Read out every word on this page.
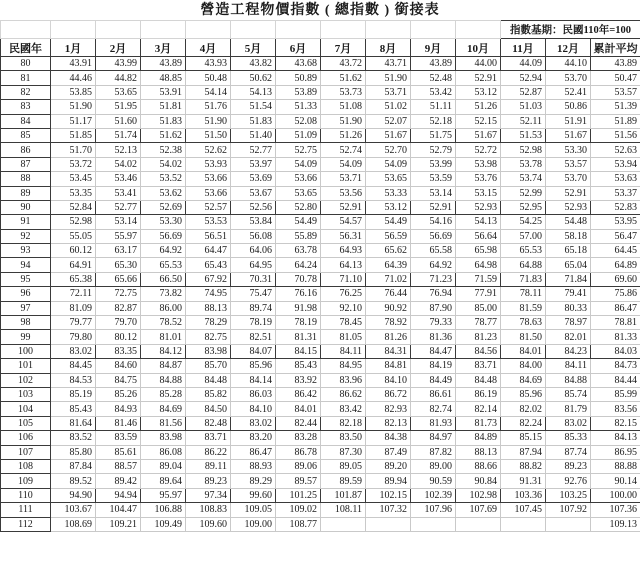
營造工程物價指數 ( 總指數 ) 銜接表
											指數基期：民國110年=100		
民國年	1月	2月	3月	4月	5月	6月	7月	8月	9月	10月	11月	12月	累計平均
80	43.91	43.99	43.89	43.93	43.82	43.68	43.72	43.71	43.89	44.00	44.09	44.10	43.89
81	44.46	44.82	48.85	50.48	50.62	50.89	51.62	51.90	52.48	52.91	52.94	53.70	50.47
82	53.85	53.65	53.91	54.14	54.13	53.89	53.73	53.71	53.42	53.12	52.87	52.41	53.57
83	51.90	51.95	51.81	51.76	51.54	51.33	51.08	51.02	51.11	51.26	51.03	50.86	51.39
84	51.17	51.60	51.83	51.90	51.83	52.08	51.90	52.07	52.18	52.15	52.11	51.91	51.89
85	51.85	51.74	51.62	51.50	51.40	51.09	51.26	51.67	51.75	51.67	51.53	51.67	51.56
86	51.70	52.13	52.38	52.62	52.77	52.75	52.74	52.70	52.79	52.72	52.98	53.30	52.63
87	53.72	54.02	54.02	53.93	53.97	54.09	54.09	54.09	53.99	53.98	53.78	53.57	53.94
88	53.45	53.46	53.52	53.66	53.69	53.66	53.71	53.65	53.59	53.76	53.74	53.70	53.63
89	53.35	53.41	53.62	53.66	53.67	53.65	53.56	53.33	53.14	53.15	52.99	52.91	53.37
90	52.84	52.77	52.69	52.57	52.56	52.80	52.91	53.12	52.91	52.93	52.95	52.93	52.83
91	52.98	53.14	53.30	53.53	53.84	54.49	54.57	54.49	54.16	54.13	54.25	54.48	53.95
92	55.05	55.97	56.69	56.51	56.08	55.89	56.31	56.59	56.69	56.64	57.00	58.18	56.47
93	60.12	63.17	64.92	64.47	64.06	63.78	64.93	65.62	65.58	65.98	65.53	65.18	64.45
94	64.91	65.30	65.53	65.43	64.95	64.24	64.13	64.39	64.92	64.98	64.88	65.04	64.89
95	65.38	65.66	66.50	67.92	70.31	70.78	71.10	71.02	71.23	71.59	71.83	71.84	69.60
96	72.11	72.75	73.82	74.95	75.47	76.16	76.25	76.44	76.94	77.91	78.11	79.41	75.86
97	81.09	82.87	86.00	88.13	89.74	91.98	92.10	90.92	87.90	85.00	81.59	80.33	86.47
98	79.77	79.70	78.52	78.29	78.19	78.19	78.45	78.92	79.33	78.77	78.63	78.97	78.81
99	79.80	80.12	81.01	82.75	82.51	81.31	81.05	81.26	81.36	81.23	81.50	82.01	81.33
100	83.02	83.35	84.12	83.98	84.07	84.15	84.11	84.31	84.47	84.56	84.01	84.23	84.03
101	84.45	84.60	84.87	85.70	85.96	85.43	84.95	84.81	84.19	83.71	84.00	84.11	84.73
102	84.53	84.75	84.88	84.48	84.14	83.92	83.96	84.10	84.49	84.48	84.69	84.88	84.44
103	85.19	85.26	85.28	85.82	86.03	86.42	86.62	86.72	86.61	86.19	85.96	85.74	85.99
104	85.43	84.93	84.69	84.50	84.10	84.01	83.42	82.93	82.74	82.14	82.02	81.79	83.56
105	81.64	81.46	81.56	82.48	83.02	82.44	82.18	82.13	81.93	81.73	82.24	83.02	82.15
106	83.52	83.59	83.98	83.71	83.20	83.28	83.50	84.38	84.97	84.89	85.15	85.33	84.13
107	85.80	85.61	86.08	86.22	86.47	86.78	87.30	87.49	87.82	88.13	87.94	87.74	86.95
108	87.84	88.57	89.04	89.11	88.93	89.06	89.05	89.20	89.00	88.66	88.82	89.23	88.88
109	89.52	89.42	89.64	89.23	89.29	89.57	89.59	89.94	90.59	90.84	91.31	92.76	90.14
110	94.90	94.94	95.97	97.34	99.60	101.25	101.87	102.15	102.39	102.98	103.36	103.25	100.00
111	103.67	104.47	106.88	108.83	109.05	109.02	108.11	107.32	107.96	107.69	107.45	107.92	107.36
112	108.69	109.21	109.49	109.60	109.00	108.77							109.13
